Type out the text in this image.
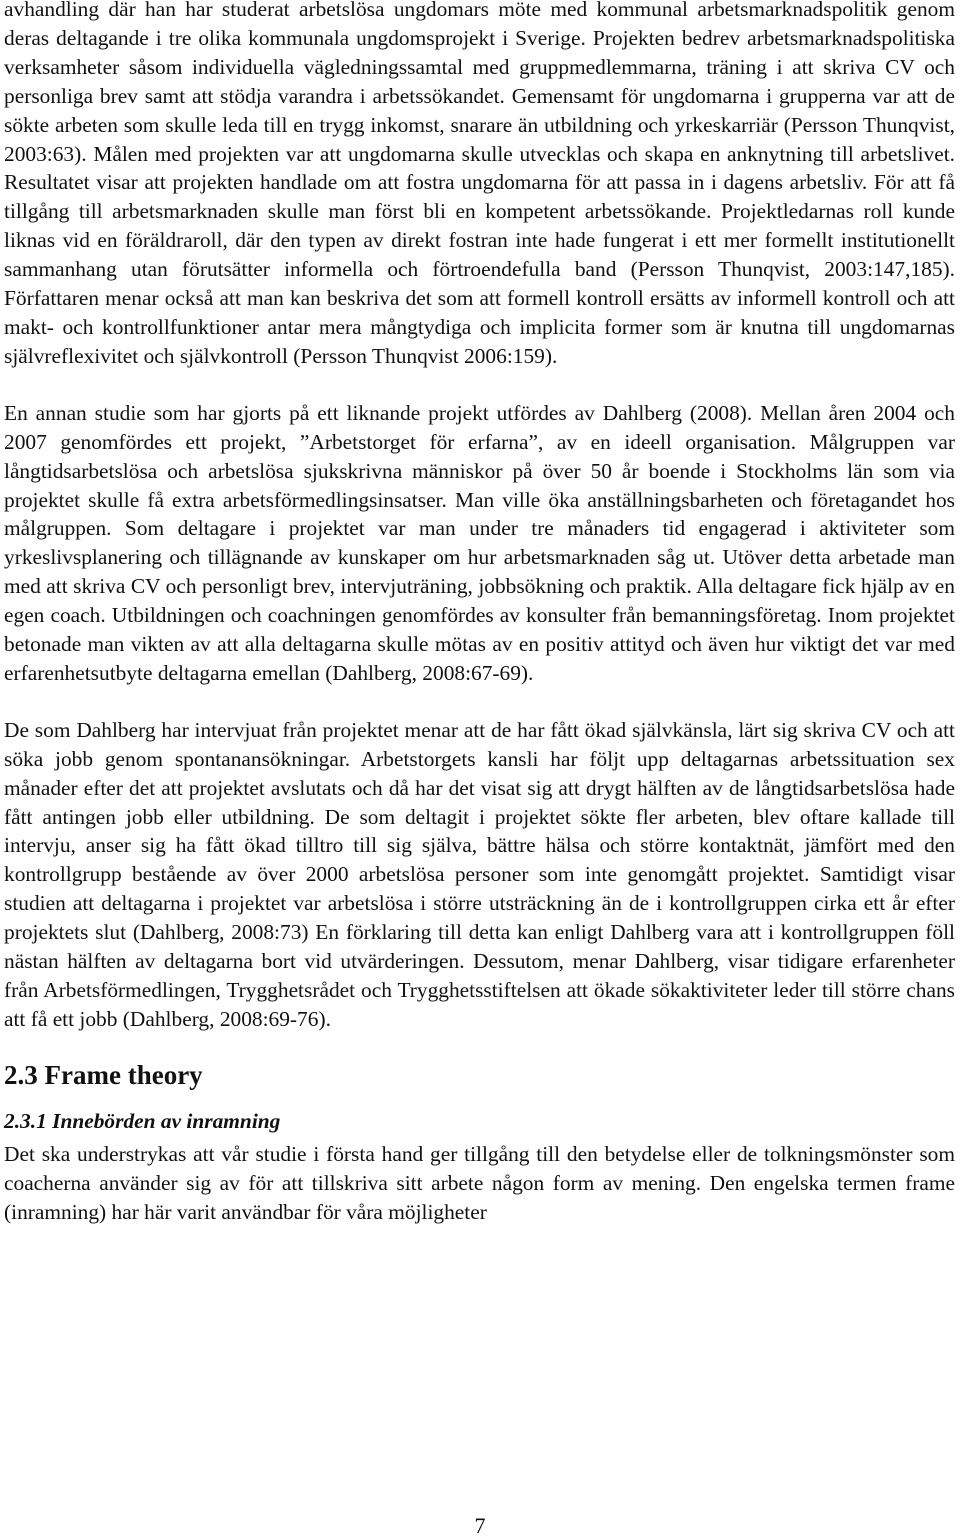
avhandling där han har studerat arbetslösa ungdomars möte med kommunal arbetsmarknadspolitik genom deras deltagande i tre olika kommunala ungdomsprojekt i Sverige. Projekten bedrev arbetsmarknadspolitiska verksamheter såsom individuella vägledningssamtal med gruppmedlemmarna, träning i att skriva CV och personliga brev samt att stödja varandra i arbetssökandet. Gemensamt för ungdomarna i grupperna var att de sökte arbeten som skulle leda till en trygg inkomst, snarare än utbildning och yrkeskarriär (Persson Thunqvist, 2003:63). Målen med projekten var att ungdomarna skulle utvecklas och skapa en anknytning till arbetslivet. Resultatet visar att projekten handlade om att fostra ungdomarna för att passa in i dagens arbetsliv. För att få tillgång till arbetsmarknaden skulle man först bli en kompetent arbetssökande. Projektledarnas roll kunde liknas vid en föräldraroll, där den typen av direkt fostran inte hade fungerat i ett mer formellt institutionellt sammanhang utan förutsätter informella och förtroendefulla band (Persson Thunqvist, 2003:147,185). Författaren menar också att man kan beskriva det som att formell kontroll ersätts av informell kontroll och att makt- och kontrollfunktioner antar mera mångtydiga och implicita former som är knutna till ungdomarnas självreflexivitet och självkontroll (Persson Thunqvist 2006:159).

En annan studie som har gjorts på ett liknande projekt utfördes av Dahlberg (2008). Mellan åren 2004 och 2007 genomfördes ett projekt, ”Arbetstorget för erfarna”, av en ideell organisation. Målgruppen var långtidsarbetslösa och arbetslösa sjukskrivna människor på över 50 år boende i Stockholms län som via projektet skulle få extra arbetsförmedlingsinsatser. Man ville öka anställningsbarheten och företagandet hos målgruppen. Som deltagare i projektet var man under tre månaders tid engagerad i aktiviteter som yrkeslivsplanering och tillägnande av kunskaper om hur arbetsmarknaden såg ut. Utöver detta arbetade man med att skriva CV och personligt brev, intervjuträning, jobbsökning och praktik. Alla deltagare fick hjälp av en egen coach. Utbildningen och coachningen genomfördes av konsulter från bemanningsföretag. Inom projektet betonade man vikten av att alla deltagarna skulle mötas av en positiv attityd och även hur viktigt det var med erfarenhetsutbyte deltagarna emellan (Dahlberg, 2008:67-69).

De som Dahlberg har intervjuat från projektet menar att de har fått ökad självkänsla, lärt sig skriva CV och att söka jobb genom spontanansökningar. Arbetstorgets kansli har följt upp deltagarnas arbetssituation sex månader efter det att projektet avslutats och då har det visat sig att drygt hälften av de långtidsarbetslösa hade fått antingen jobb eller utbildning. De som deltagit i projektet sökte fler arbeten, blev oftare kallade till intervju, anser sig ha fått ökad tilltro till sig själva, bättre hälsa och större kontaktnät, jämfört med den kontrollgrupp bestående av över 2000 arbetslösa personer som inte genomgått projektet. Samtidigt visar studien att deltagarna i projektet var arbetslösa i större utsträckning än de i kontrollgruppen cirka ett år efter projektets slut (Dahlberg, 2008:73) En förklaring till detta kan enligt Dahlberg vara att i kontrollgruppen föll nästan hälften av deltagarna bort vid utvärderingen. Dessutom, menar Dahlberg, visar tidigare erfarenheter från Arbetsförmedlingen, Trygghetsrådet och Trygghetsstiftelsen att ökade sökaktiviteter leder till större chans att få ett jobb (Dahlberg, 2008:69-76).

2.3 Frame theory
2.3.1 Innebörden av inramning

Det ska understrykas att vår studie i första hand ger tillgång till den betydelse eller de tolkningsmönster som coacherna använder sig av för att tillskriva sitt arbete någon form av mening. Den engelska termen frame (inramning) har här varit användbar för våra möjligheter

7
